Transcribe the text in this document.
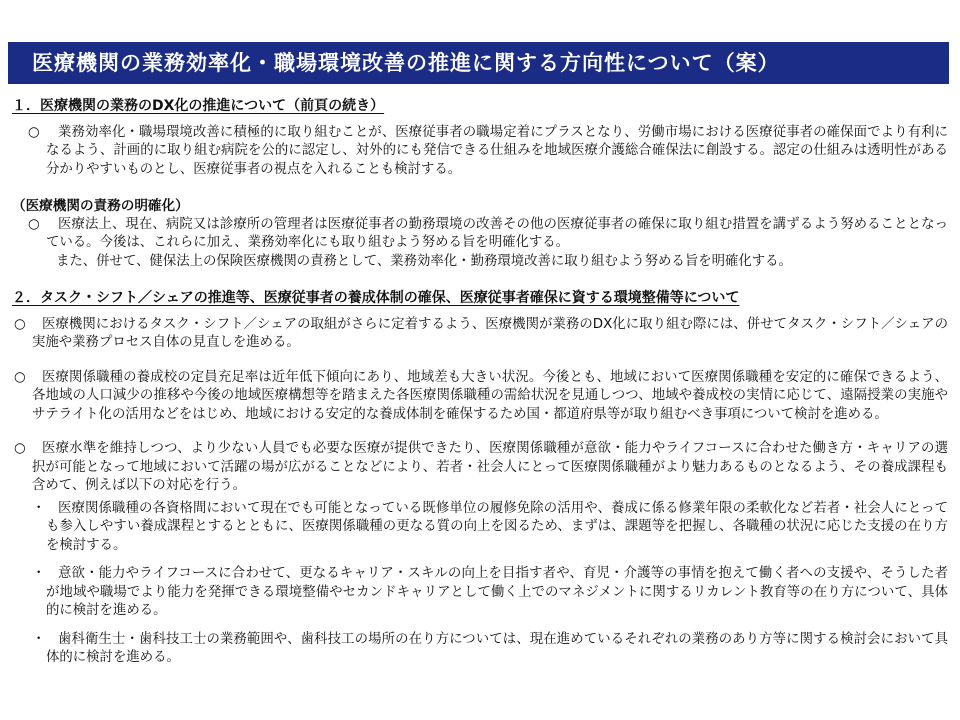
医療機関の業務効率化・職場環境改善の推進に関する方向性について（案）
１．医療機関の業務のDX化の推進について（前頁の続き）
○	業務効率化・職場環境改善に積極的に取り組むことが、医療従事者の職場定着にプラスとなり、労働市場における医療従事者の確保面でより有利になるよう、計画的に取り組む病院を公的に認定し、対外的にも発信できる仕組みを地域医療介護総合確保法に創設する。認定の仕組みは透明性がある分かりやすいものとし、医療従事者の視点を入れることも検討する。
（医療機関の責務の明確化）
○	医療法上、現在、病院又は診療所の管理者は医療従事者の勤務環境の改善その他の医療従事者の確保に取り組む措置を講ずるよう努めることとなっている。今後は、これらに加え、業務効率化にも取り組むよう努める旨を明確化する。
また、併せて、健保法上の保険医療機関の責務として、業務効率化・勤務環境改善に取り組むよう努める旨を明確化する。
２．タスク・シフト／シェアの推進等、医療従事者の養成体制の確保、医療従事者確保に資する環境整備等について
○	医療機関におけるタスク・シフト／シェアの取組がさらに定着するよう、医療機関が業務のDX化に取り組む際には、併せてタスク・シフト／シェアの実施や業務プロセス自体の見直しを進める。
○	医療関係職種の養成校の定員充足率は近年低下傾向にあり、地域差も大きい状況。今後とも、地域において医療関係職種を安定的に確保できるよう、各地域の人口減少の推移や今後の地域医療構想等を踏まえた各医療関係職種の需給状況を見通しつつ、地域や養成校の実情に応じて、遠隔授業の実施やサテライト化の活用などをはじめ、地域における安定的な養成体制を確保するため国・都道府県等が取り組むべき事項について検討を進める。
○	医療水準を維持しつつ、より少ない人員でも必要な医療が提供できたり、医療関係職種が意欲・能力やライフコースに合わせた働き方・キャリアの選択が可能となって地域において活躍の場が広がることなどにより、若者・社会人にとって医療関係職種がより魅力あるものとなるよう、その養成課程も含めて、例えば以下の対応を行う。
・ 医療関係職種の各資格間において現在でも可能となっている既修単位の履修免除の活用や、養成に係る修業年限の柔軟化など若者・社会人にとっても参入しやすい養成課程とするとともに、医療関係職種の更なる質の向上を図るため、まずは、課題等を把握し、各職種の状況に応じた支援の在り方を検討する。
・ 意欲・能力やライフコースに合わせて、更なるキャリア・スキルの向上を目指す者や、育児・介護等の事情を抱えて働く者への支援や、そうした者が地域や職場でより能力を発揮できる環境整備やセカンドキャリアとして働く上でのマネジメントに関するリカレント教育等の在り方について、具体的に検討を進める。
・ 歯科衛生士・歯科技工士の業務範囲や、歯科技工の場所の在り方については、現在進めているそれぞれの業務のあり方等に関する検討会において具体的に検討を進める。
